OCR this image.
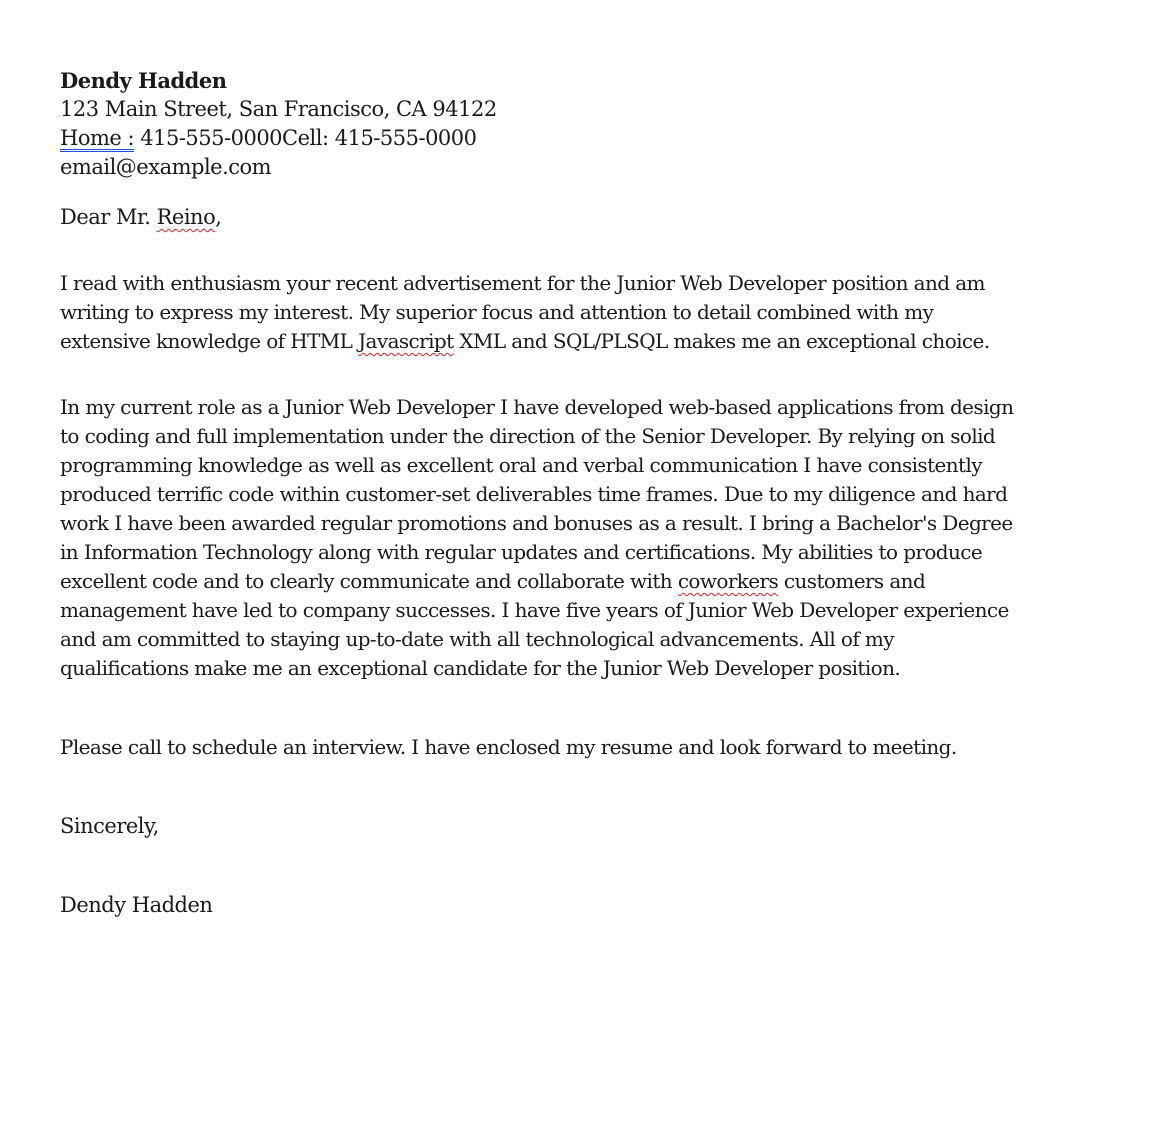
Dendy Hadden
123 Main Street, San Francisco, CA 94122
Home : 415-555-0000Cell: 415-555-0000
email@example.com
Dear Mr. Reino,
I read with enthusiasm your recent advertisement for the Junior Web Developer position and am
writing to express my interest. My superior focus and attention to detail combined with my
extensive knowledge of HTML Javascript XML and SQL/PLSQL makes me an exceptional choice.
In my current role as a Junior Web Developer I have developed web-based applications from design
to coding and full implementation under the direction of the Senior Developer. By relying on solid
programming knowledge as well as excellent oral and verbal communication I have consistently
produced terrific code within customer-set deliverables time frames. Due to my diligence and hard
work I have been awarded regular promotions and bonuses as a result. I bring a Bachelor's Degree
in Information Technology along with regular updates and certifications. My abilities to produce
excellent code and to clearly communicate and collaborate with coworkers customers and
management have led to company successes. I have five years of Junior Web Developer experience
and am committed to staying up-to-date with all technological advancements. All of my
qualifications make me an exceptional candidate for the Junior Web Developer position.
Please call to schedule an interview. I have enclosed my resume and look forward to meeting.
Sincerely,
Dendy Hadden
